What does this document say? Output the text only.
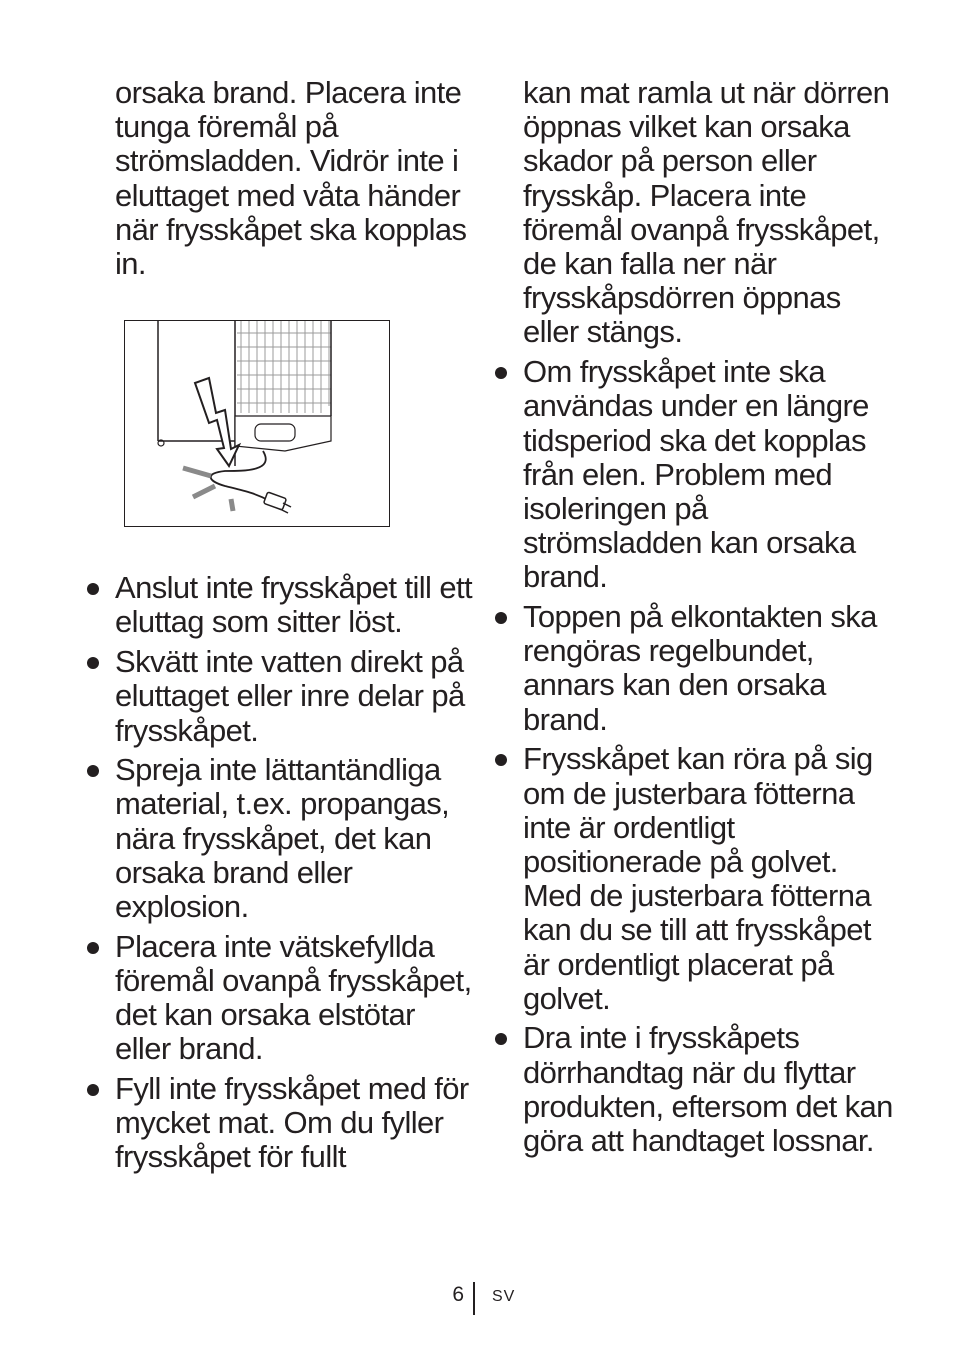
orsaka brand. Placera inte tunga föremål på strömsladden. Vidrör inte i eluttaget med våta händer när frysskåpet ska kopplas in.

Anslut inte frysskåpet till ett eluttag som sitter löst.
Skvätt inte vatten direkt på eluttaget eller inre delar på frysskåpet.
Spreja inte lättantändliga material, t.ex. propangas, nära frysskåpet, det kan orsaka brand eller explosion.
Placera inte vätskefyllda föremål ovanpå frysskåpet, det kan orsaka elstötar eller brand.
Fyll inte frysskåpet med för mycket mat. Om du fyller frysskåpet för fullt

kan mat ramla ut när dörren öppnas vilket kan orsaka skador på person eller frysskåp. Placera inte föremål ovanpå frysskåpet, de kan falla ner när frysskåpsdörren öppnas eller stängs.

Om frysskåpet inte ska användas under en längre tidsperiod ska det kopplas från elen. Problem med isoleringen på strömsladden kan orsaka brand.
Toppen på elkontakten ska rengöras regelbundet, annars kan den orsaka brand.
Frysskåpet kan röra på sig om de justerbara fötterna inte är ordentligt positionerade på golvet. Med de justerbara fötterna kan du se till att frysskåpet är ordentligt placerat på golvet.
Dra inte i frysskåpets dörrhandtag när du flyttar produkten, eftersom det kan göra att handtaget lossnar.
6 SV
